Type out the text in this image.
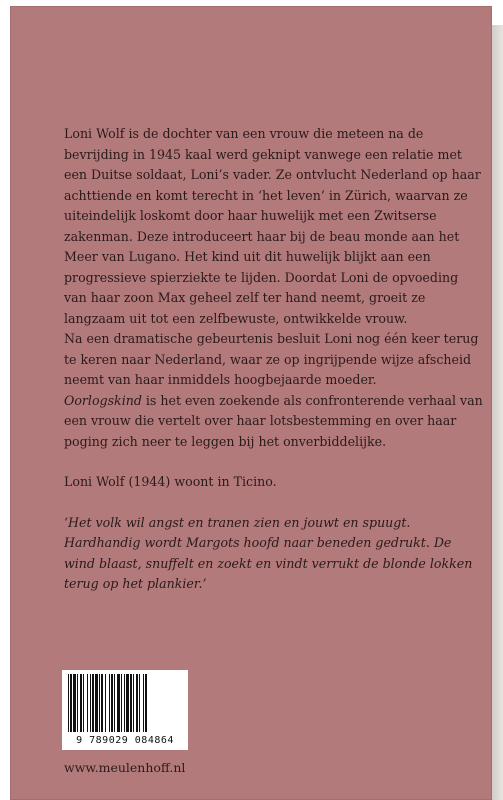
Loni Wolf is de dochter van een vrouw die meteen na de bevrijding in 1945 kaal werd geknipt vanwege een relatie met een Duitse soldaat, Loni’s vader. Ze ontvlucht Nederland op haar achttiende en komt terecht in ‘het leven’ in Zürich, waarvan ze uiteindelijk loskomt door haar huwelijk met een Zwitserse zakenman. Deze introduceert haar bij de beau monde aan het Meer van Lugano. Het kind uit dit huwelijk blijkt aan een progressieve spierziekte te lijden. Doordat Loni de opvoeding van haar zoon Max geheel zelf ter hand neemt, groeit ze langzaam uit tot een zelfbewuste, ontwikkelde vrouw.

Na een dramatische gebeurtenis besluit Loni nog één keer terug te keren naar Nederland, waar ze op ingrijpende wijze afscheid neemt van haar inmiddels hoogbejaarde moeder.

Oorlogskind is het even zoekende als confronterende verhaal van een vrouw die vertelt over haar lotsbestemming en over haar poging zich neer te leggen bij het onverbiddelijke.

Loni Wolf (1944) woont in Ticino.

‘Het volk wil angst en tranen zien en jouwt en spuugt. Hardhandig wordt Margots hoofd naar beneden gedrukt. De wind blaast, snuffelt en zoekt en vindt verrukt de blonde lokken terug op het plankier.’

9 789029 084864
www.meulenhoff.nl
